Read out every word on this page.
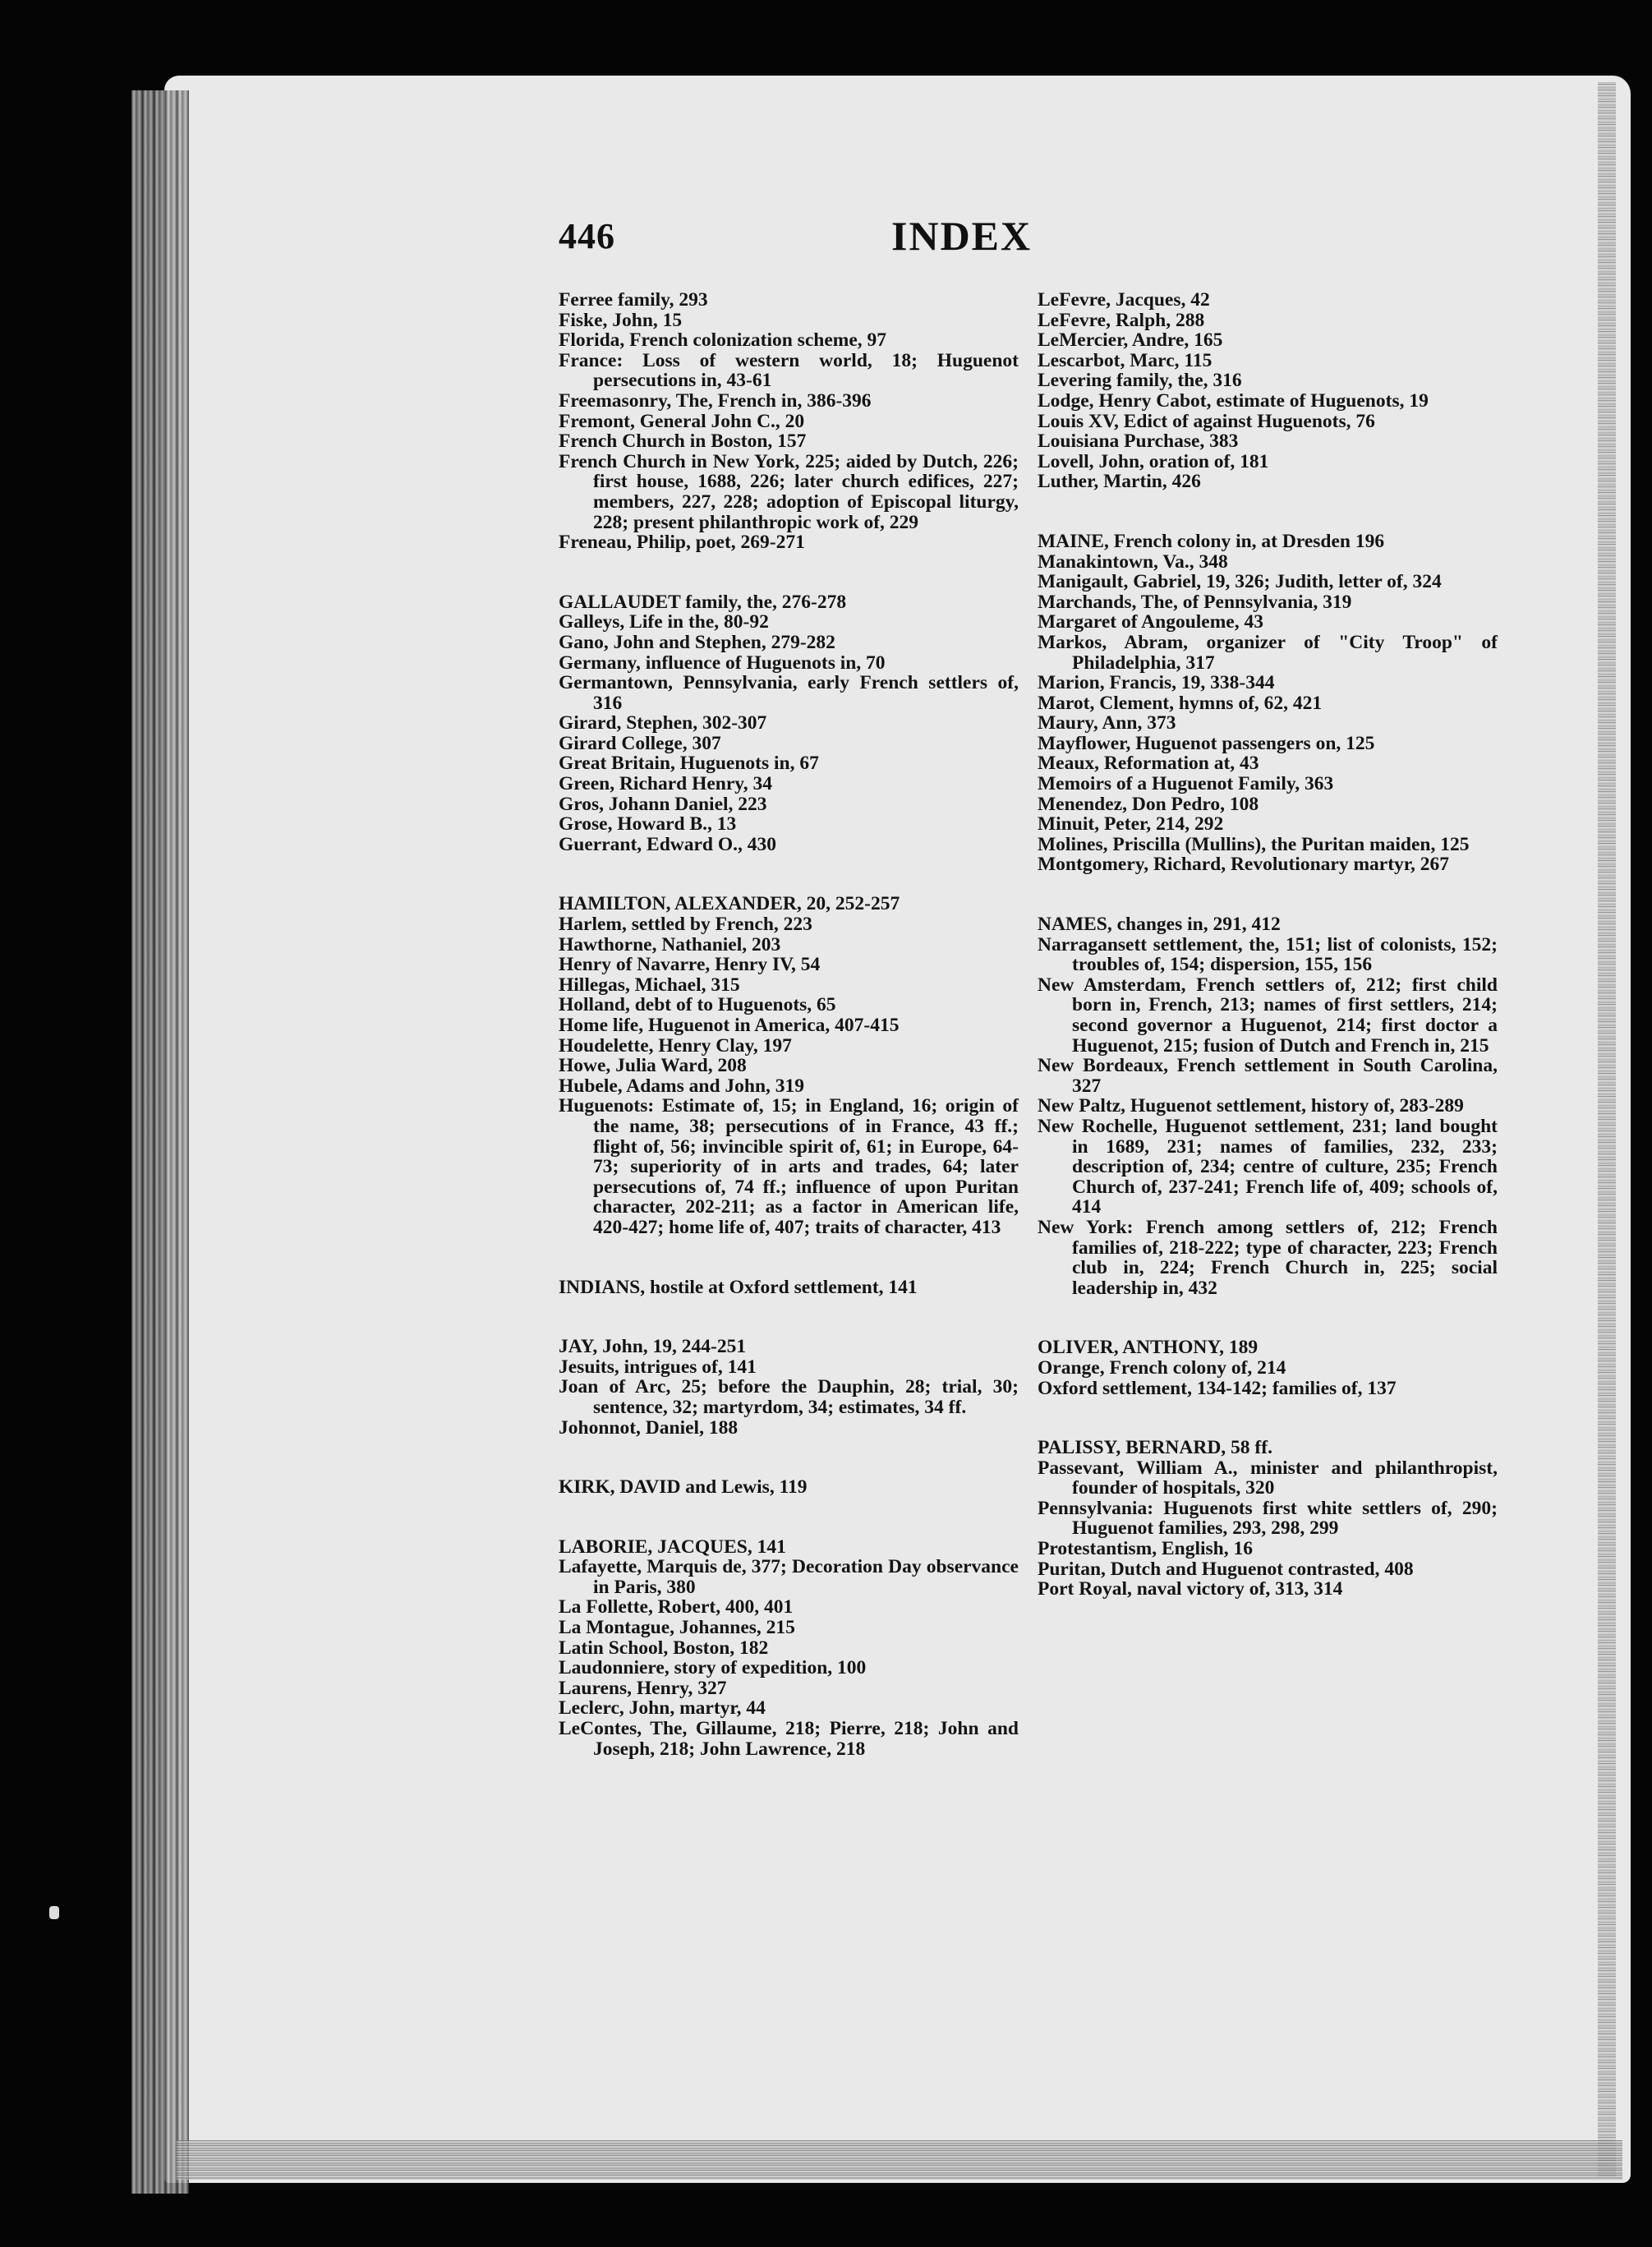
446	INDEX

Ferree family, 293

Fiske, John, 15

Florida, French colonization scheme, 97

France: Loss of western world, 18; Huguenot persecutions in, 43-61

Freemasonry, The, French in, 386-396

Fremont, General John C., 20

French Church in Boston, 157

French Church in New York, 225; aided by Dutch, 226; first house, 1688, 226; later church edifices, 227; members, 227, 228; adoption of Episcopal liturgy, 228; present philanthropic work of, 229

Freneau, Philip, poet, 269-271

GALLAUDET family, the, 276-278

Galleys, Life in the, 80-92

Gano, John and Stephen, 279-282

Germany, influence of Huguenots in, 70

Germantown, Pennsylvania, early French settlers of, 316

Girard, Stephen, 302-307

Girard College, 307

Great Britain, Huguenots in, 67

Green, Richard Henry, 34

Gros, Johann Daniel, 223

Grose, Howard B., 13

Guerrant, Edward O., 430

HAMILTON, ALEXANDER, 20, 252-257

Harlem, settled by French, 223

Hawthorne, Nathaniel, 203

Henry of Navarre, Henry IV, 54

Hillegas, Michael, 315

Holland, debt of to Huguenots, 65

Home life, Huguenot in America, 407-415

Houdelette, Henry Clay, 197

Howe, Julia Ward, 208

Hubele, Adams and John, 319

Huguenots: Estimate of, 15; in England, 16; origin of the name, 38; persecutions of in France, 43 ff.; flight of, 56; invincible spirit of, 61; in Europe, 64-73; superiority of in arts and trades, 64; later persecutions of, 74 ff.; influence of upon Puritan character, 202-211; as a factor in American life, 420-427; home life of, 407; traits of character, 413

INDIANS, hostile at Oxford settlement, 141

JAY, John, 19, 244-251

Jesuits, intrigues of, 141

Joan of Arc, 25; before the Dauphin, 28; trial, 30; sentence, 32; martyrdom, 34; estimates, 34 ff.

Johonnot, Daniel, 188

KIRK, DAVID and Lewis, 119

LABORIE, JACQUES, 141

Lafayette, Marquis de, 377; Decoration Day observance in Paris, 380

La Follette, Robert, 400, 401

La Montague, Johannes, 215

Latin School, Boston, 182

Laudonniere, story of expedition, 100

Laurens, Henry, 327

Leclerc, John, martyr, 44

LeContes, The, Gillaume, 218; Pierre, 218; John and Joseph, 218; John Lawrence, 218

LeFevre, Jacques, 42

LeFevre, Ralph, 288

LeMercier, Andre, 165

Lescarbot, Marc, 115

Levering family, the, 316

Lodge, Henry Cabot, estimate of Huguenots, 19

Louis XV, Edict of against Huguenots, 76

Louisiana Purchase, 383

Lovell, John, oration of, 181

Luther, Martin, 426

MAINE, French colony in, at Dresden 196

Manakintown, Va., 348

Manigault, Gabriel, 19, 326; Judith, letter of, 324

Marchands, The, of Pennsylvania, 319

Margaret of Angouleme, 43

Markos, Abram, organizer of "City Troop" of Philadelphia, 317

Marion, Francis, 19, 338-344

Marot, Clement, hymns of, 62, 421

Maury, Ann, 373

Mayflower, Huguenot passengers on, 125

Meaux, Reformation at, 43

Memoirs of a Huguenot Family, 363

Menendez, Don Pedro, 108

Minuit, Peter, 214, 292

Molines, Priscilla (Mullins), the Puritan maiden, 125

Montgomery, Richard, Revolutionary martyr, 267

NAMES, changes in, 291, 412

Narragansett settlement, the, 151; list of colonists, 152; troubles of, 154; dispersion, 155, 156

New Amsterdam, French settlers of, 212; first child born in, French, 213; names of first settlers, 214; second governor a Huguenot, 214; first doctor a Huguenot, 215; fusion of Dutch and French in, 215

New Bordeaux, French settlement in South Carolina, 327

New Paltz, Huguenot settlement, history of, 283-289

New Rochelle, Huguenot settlement, 231; land bought in 1689, 231; names of families, 232, 233; description of, 234; centre of culture, 235; French Church of, 237-241; French life of, 409; schools of, 414

New York: French among settlers of, 212; French families of, 218-222; type of character, 223; French club in, 224; French Church in, 225; social leadership in, 432

OLIVER, ANTHONY, 189

Orange, French colony of, 214

Oxford settlement, 134-142; families of, 137

PALISSY, BERNARD, 58 ff.

Passevant, William A., minister and philanthropist, founder of hospitals, 320

Pennsylvania: Huguenots first white settlers of, 290; Huguenot families, 293, 298, 299

Protestantism, English, 16

Puritan, Dutch and Huguenot contrasted, 408

Port Royal, naval victory of, 313, 314
